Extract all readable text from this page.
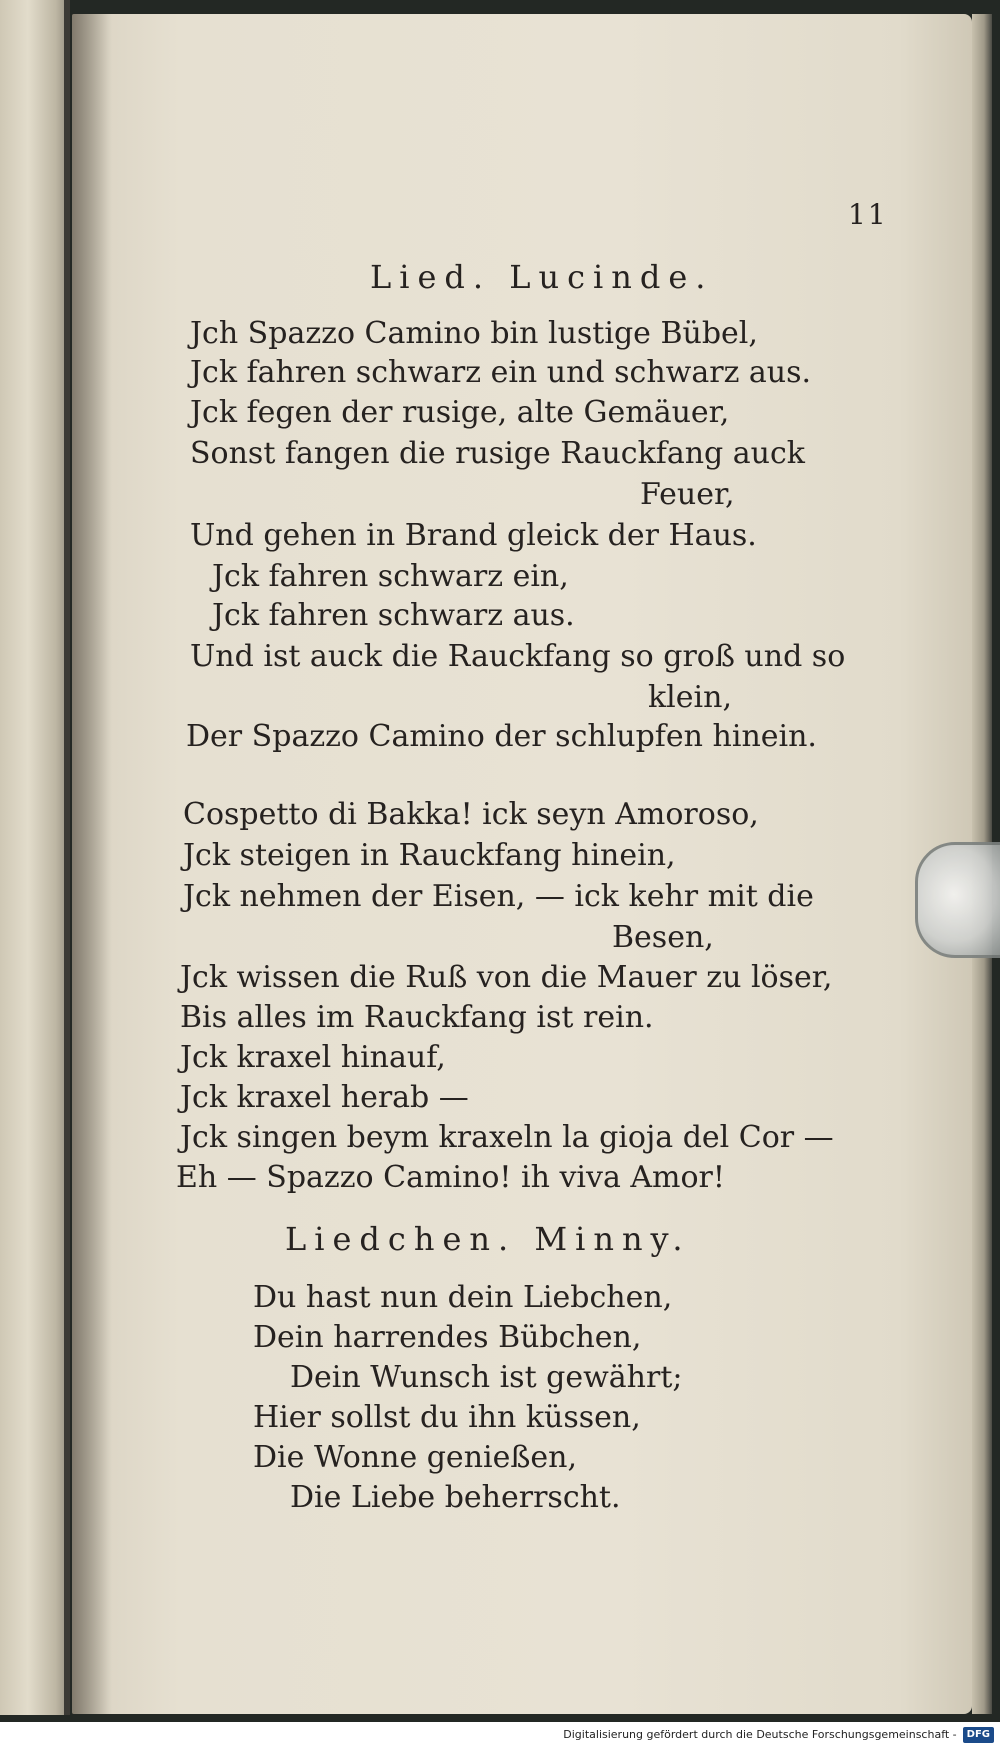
11
Lied. Lucinde.
Jch Spazzo Camino bin lustige Bübel,
Jck fahren schwarz ein und schwarz aus.
Jck fegen der rusige, alte Gemäuer,
Sonst fangen die rusige Rauckfang auck
Feuer,
Und gehen in Brand gleick der Haus.
Jck fahren schwarz ein,
Jck fahren schwarz aus.
Und ist auck die Rauckfang so groß und so
klein,
Der Spazzo Camino der schlupfen hinein.
Cospetto di Bakka! ick seyn Amoroso,
Jck steigen in Rauckfang hinein,
Jck nehmen der Eisen, — ick kehr mit die
Besen,
Jck wissen die Ruß von die Mauer zu löser,
Bis alles im Rauckfang ist rein.
Jck kraxel hinauf,
Jck kraxel herab —
Jck singen beym kraxeln la gioja del Cor —
Eh — Spazzo Camino! ih viva Amor!
Liedchen. Minny.
Du hast nun dein Liebchen,
Dein harrendes Bübchen,
Dein Wunsch ist gewährt;
Hier sollst du ihn küssen,
Die Wonne genießen,
Die Liebe beherrscht.
Digitalisierung gefördert durch die Deutsche Forschungsgemeinschaft - DFG
